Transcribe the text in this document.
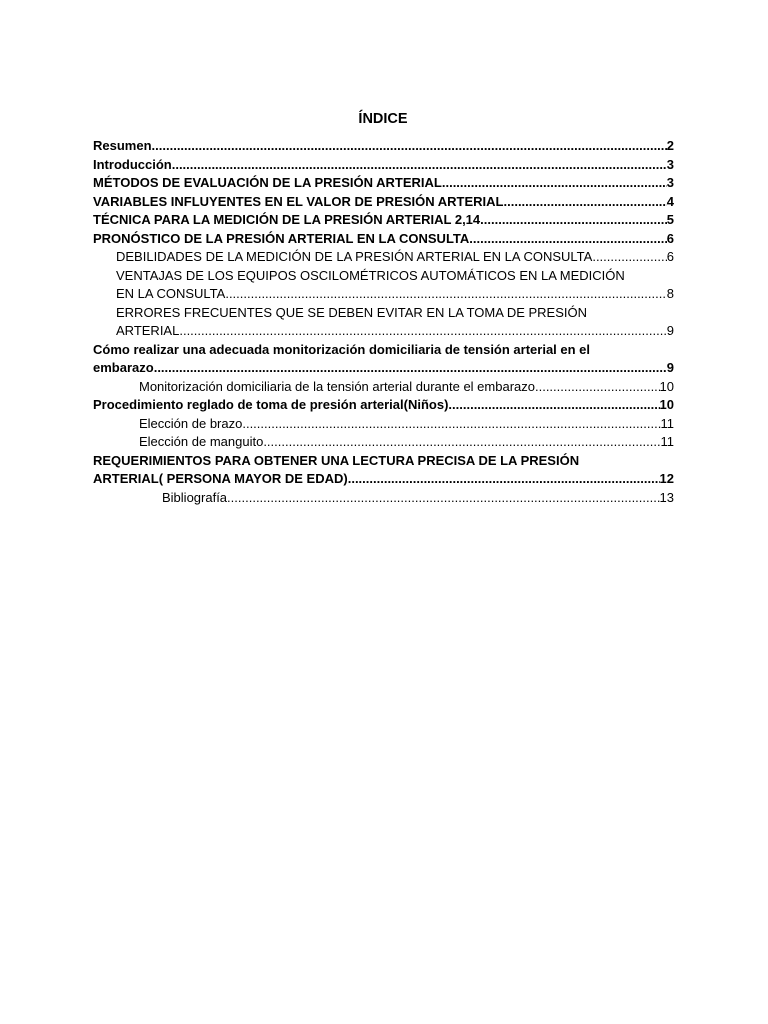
ÍNDICE
Resumen .....	2
Introducción .....	3
MÉTODOS DE EVALUACIÓN DE LA PRESIÓN ARTERIAL .....	3
VARIABLES INFLUYENTES EN EL VALOR DE PRESIÓN ARTERIAL .....	4
TÉCNICA PARA LA MEDICIÓN DE LA PRESIÓN ARTERIAL 2,14 .....	5
PRONÓSTICO DE LA PRESIÓN ARTERIAL EN LA CONSULTA .....	6
DEBILIDADES DE LA MEDICIÓN DE LA PRESIÓN ARTERIAL EN LA CONSULTA .....	6
VENTAJAS DE LOS EQUIPOS OSCILOMÉTRICOS AUTOMÁTICOS EN LA MEDICIÓN
EN LA CONSULTA .....	8
ERRORES FRECUENTES QUE SE DEBEN EVITAR EN LA TOMA DE PRESIÓN
ARTERIAL .....	9
Cómo realizar una adecuada monitorización domiciliaria de tensión arterial en el
embarazo .....	9
Monitorización domiciliaria de la tensión arterial durante el embarazo .....	10
Procedimiento reglado de toma de presión arterial(Niños) .....	10
Elección de brazo .....	11
Elección de manguito .....	11
REQUERIMIENTOS PARA OBTENER UNA LECTURA PRECISA DE LA PRESIÓN
ARTERIAL( PERSONA MAYOR DE EDAD) .....	12
Bibliografía .....	13
